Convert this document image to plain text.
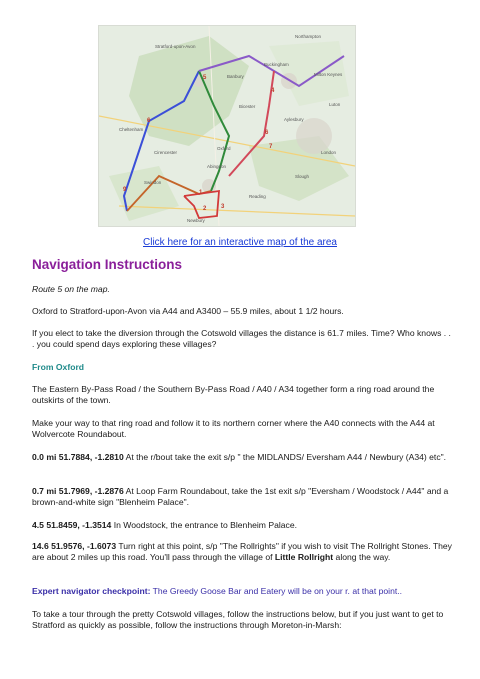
1
2 3
4
5
6
6
7
9
Northampton
Stratford-upon-Avon
Banbury	Milton Keynes
Buckingham
Bicester
Aylesbury
Cheltenham
Cirencester
Swindon
Oxford
Reading
Slough
London
Luton
Abingdon
Newbury
Click here for an interactive map of the area
Navigation Instructions
Route 5 on the map.
Oxford to Stratford-upon-Avon via A44 and A3400 – 55.9 miles, about 1 1/2 hours.
If you elect to take the diversion through the Cotswold villages the distance is 61.7 miles. Time? Who knows . . . you could spend days exploring these villages?
From Oxford
The Eastern By-Pass Road / the Southern By-Pass Road / A40 / A34 together form a ring road around the outskirts of the town.
Make your way to that ring road and follow it to its northern corner where the A40 connects with the A44 at Wolvercote Roundabout.
0.0 mi 51.7884, -1.2810 At the r/bout take the exit s/p " the MIDLANDS/ Eversham A44 / Newbury (A34) etc".
0.7 mi 51.7969, -1.2876 At Loop Farm Roundabout, take the 1st exit s/p "Eversham / Woodstock / A44" and a brown-and-white sign "Blenheim Palace".
4.5 51.8459, -1.3514 In Woodstock, the entrance to Blenheim Palace.
14.6 51.9576, -1.6073 Turn right at this point, s/p "The Rollrights" if you wish to visit The Rollright Stones. They are about 2 miles up this road. You'll pass through the village of Little Rollright along the way.
Expert navigator checkpoint: The Greedy Goose Bar and Eatery will be on your r. at that point..
To take a tour through the pretty Cotswold villages, follow the instructions below, but if you just want to get to Stratford as quickly as possible, follow the instructions through Moreton-in-Marsh:
